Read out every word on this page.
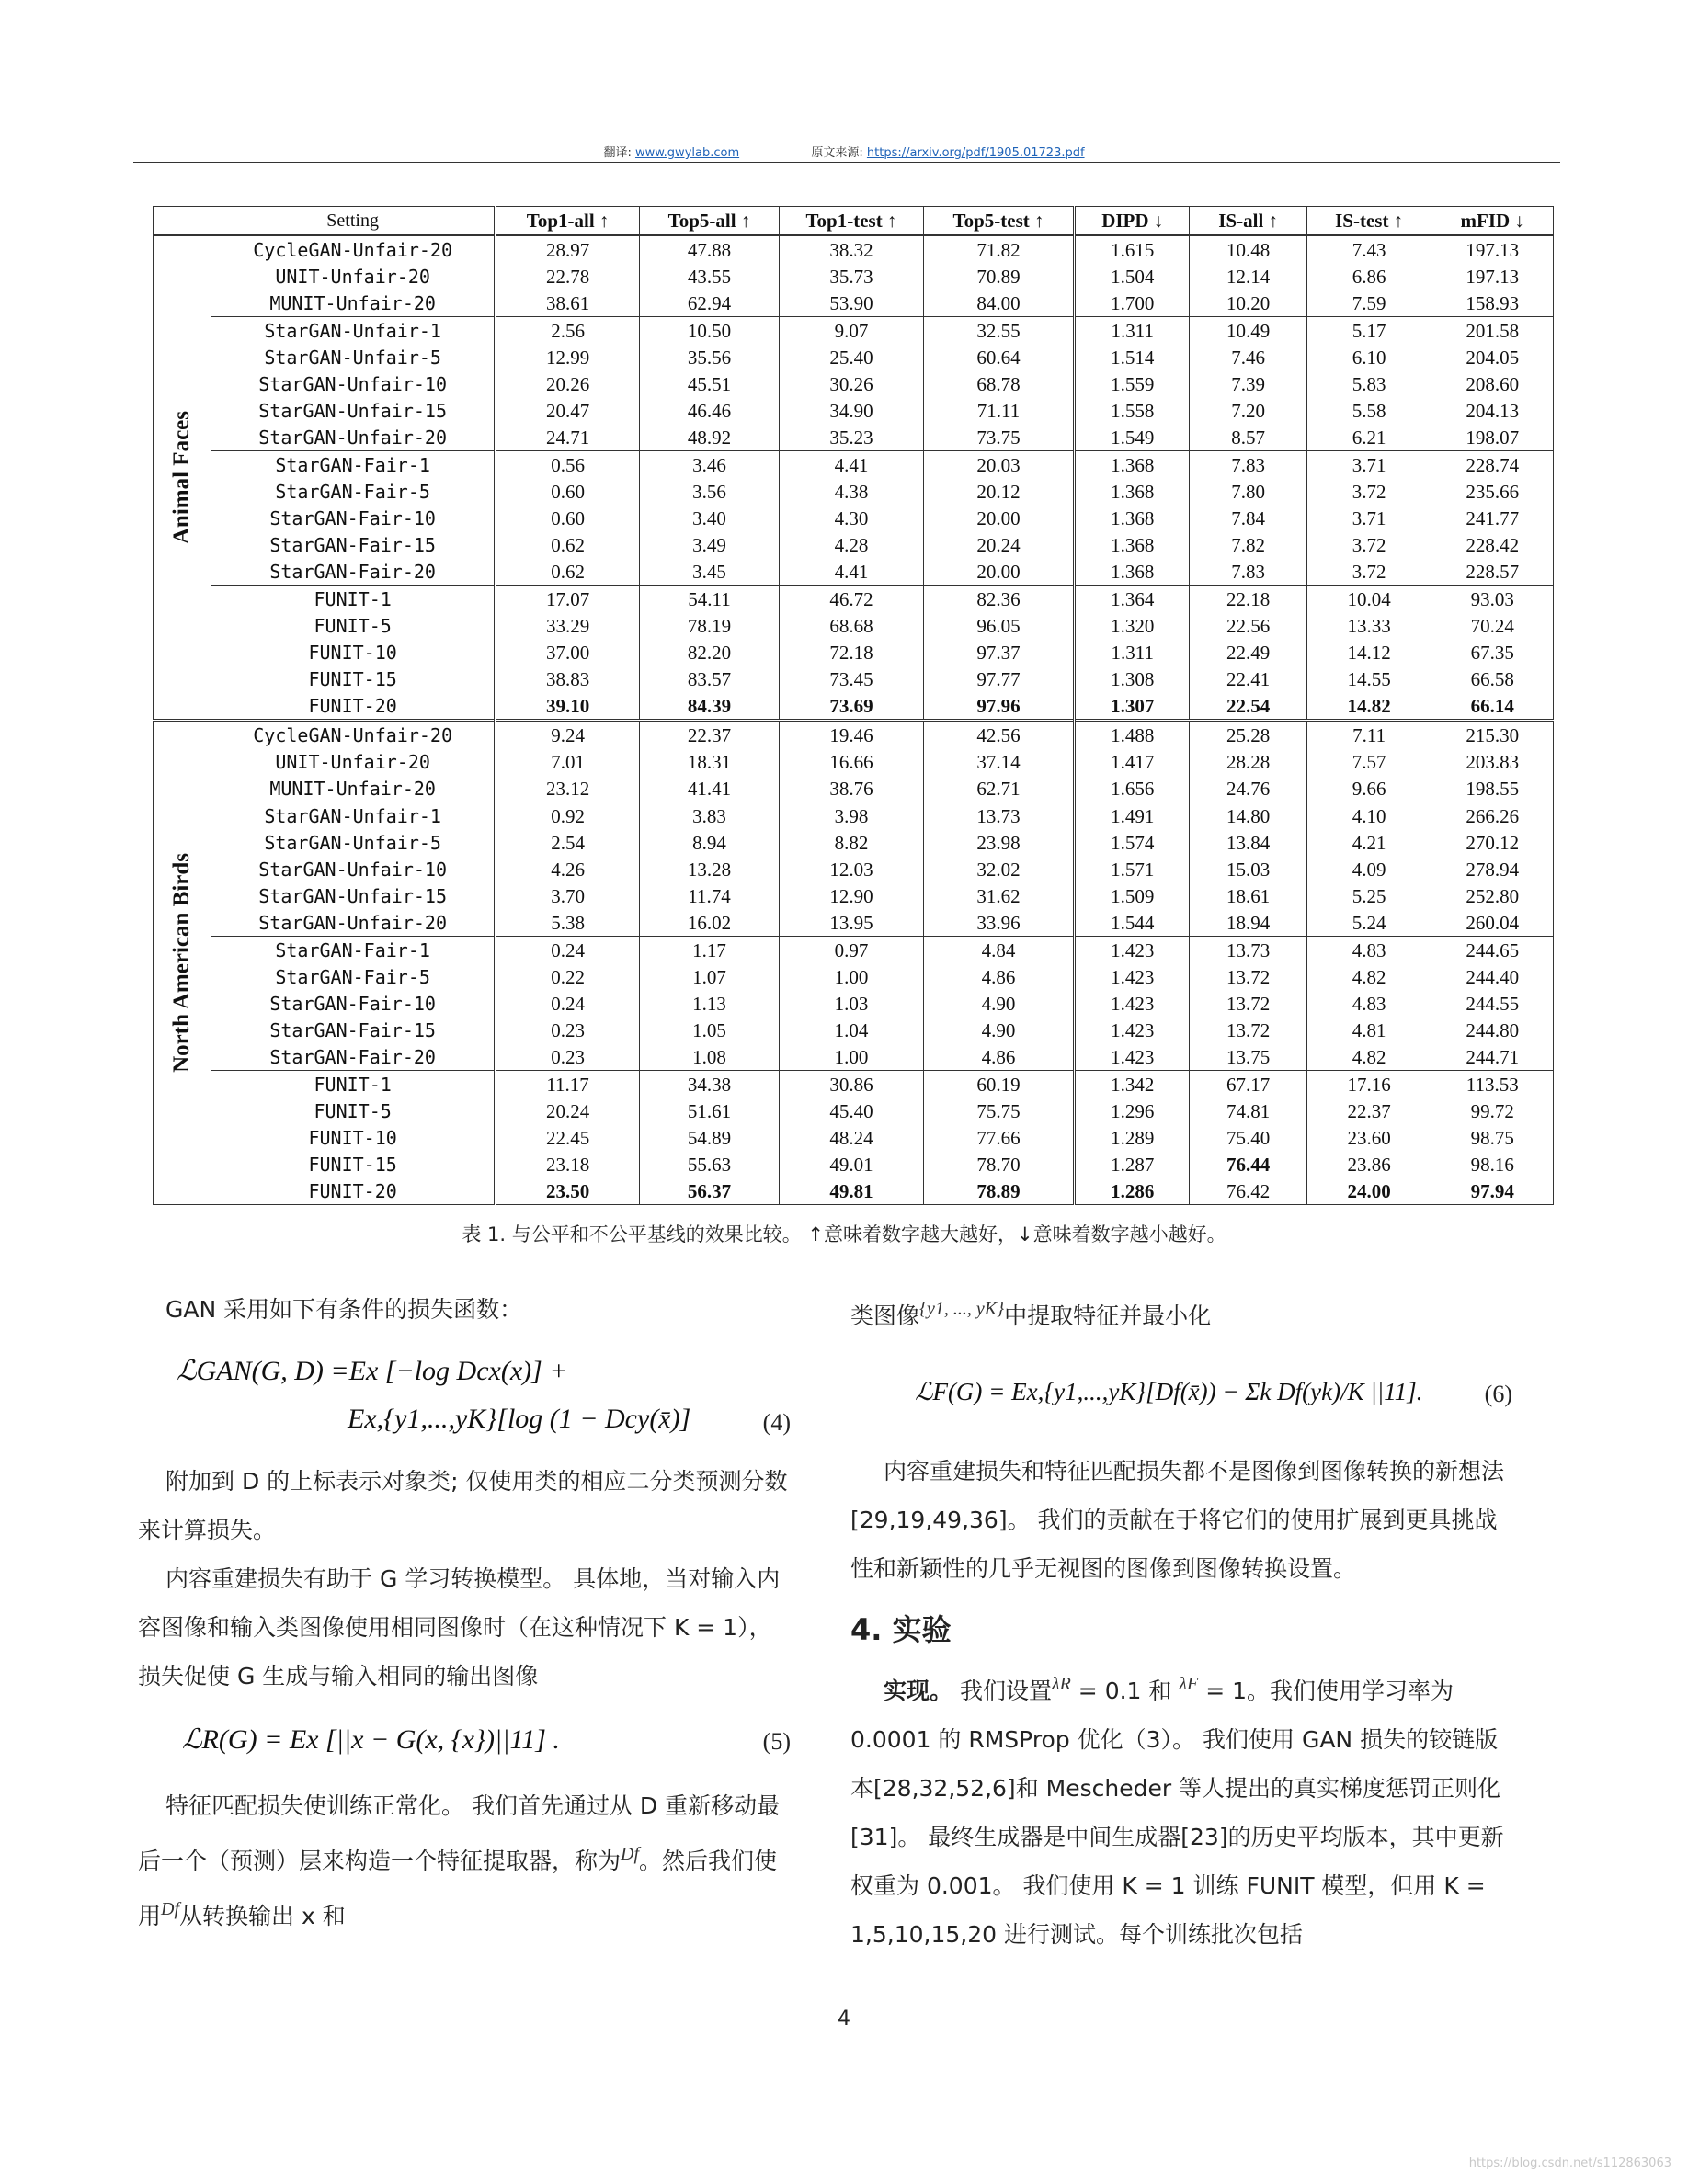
翻译: www.gwylab.com	原文来源: https://arxiv.org/pdf/1905.01723.pdf
	Setting	Top1-all ↑	Top5-all ↑	Top1-test ↑	Top5-test ↑	DIPD ↓	IS-all ↑	IS-test ↑	mFID ↓

Animal Faces	CycleGAN-Unfair-20	28.97	47.88	38.32	71.82	1.615	10.48	7.43	197.13
	UNIT-Unfair-20	22.78	43.55	35.73	70.89	1.504	12.14	6.86	197.13
	MUNIT-Unfair-20	38.61	62.94	53.90	84.00	1.700	10.20	7.59	158.93
	StarGAN-Unfair-1	2.56	10.50	9.07	32.55	1.311	10.49	5.17	201.58
	StarGAN-Unfair-5	12.99	35.56	25.40	60.64	1.514	7.46	6.10	204.05
	StarGAN-Unfair-10	20.26	45.51	30.26	68.78	1.559	7.39	5.83	208.60
	StarGAN-Unfair-15	20.47	46.46	34.90	71.11	1.558	7.20	5.58	204.13
	StarGAN-Unfair-20	24.71	48.92	35.23	73.75	1.549	8.57	6.21	198.07
	StarGAN-Fair-1	0.56	3.46	4.41	20.03	1.368	7.83	3.71	228.74
	StarGAN-Fair-5	0.60	3.56	4.38	20.12	1.368	7.80	3.72	235.66
	StarGAN-Fair-10	0.60	3.40	4.30	20.00	1.368	7.84	3.71	241.77
	StarGAN-Fair-15	0.62	3.49	4.28	20.24	1.368	7.82	3.72	228.42
	StarGAN-Fair-20	0.62	3.45	4.41	20.00	1.368	7.83	3.72	228.57
	FUNIT-1	17.07	54.11	46.72	82.36	1.364	22.18	10.04	93.03
	FUNIT-5	33.29	78.19	68.68	96.05	1.320	22.56	13.33	70.24
	FUNIT-10	37.00	82.20	72.18	97.37	1.311	22.49	14.12	67.35
	FUNIT-15	38.83	83.57	73.45	97.77	1.308	22.41	14.55	66.58
	FUNIT-20	39.10	84.39	73.69	97.96	1.307	22.54	14.82	66.14

North American Birds	CycleGAN-Unfair-20	9.24	22.37	19.46	42.56	1.488	25.28	7.11	215.30
	UNIT-Unfair-20	7.01	18.31	16.66	37.14	1.417	28.28	7.57	203.83
	MUNIT-Unfair-20	23.12	41.41	38.76	62.71	1.656	24.76	9.66	198.55
	StarGAN-Unfair-1	0.92	3.83	3.98	13.73	1.491	14.80	4.10	266.26
	StarGAN-Unfair-5	2.54	8.94	8.82	23.98	1.574	13.84	4.21	270.12
	StarGAN-Unfair-10	4.26	13.28	12.03	32.02	1.571	15.03	4.09	278.94
	StarGAN-Unfair-15	3.70	11.74	12.90	31.62	1.509	18.61	5.25	252.80
	StarGAN-Unfair-20	5.38	16.02	13.95	33.96	1.544	18.94	5.24	260.04
	StarGAN-Fair-1	0.24	1.17	0.97	4.84	1.423	13.73	4.83	244.65
	StarGAN-Fair-5	0.22	1.07	1.00	4.86	1.423	13.72	4.82	244.40
	StarGAN-Fair-10	0.24	1.13	1.03	4.90	1.423	13.72	4.83	244.55
	StarGAN-Fair-15	0.23	1.05	1.04	4.90	1.423	13.72	4.81	244.80
	StarGAN-Fair-20	0.23	1.08	1.00	4.86	1.423	13.75	4.82	244.71
	FUNIT-1	11.17	34.38	30.86	60.19	1.342	67.17	17.16	113.53
	FUNIT-5	20.24	51.61	45.40	75.75	1.296	74.81	22.37	99.72
	FUNIT-10	22.45	54.89	48.24	77.66	1.289	75.40	23.60	98.75
	FUNIT-15	23.18	55.63	49.01	78.70	1.287	76.44	23.86	98.16
	FUNIT-20	23.50	56.37	49.81	78.89	1.286	76.42	24.00	97.94
表 1. 与公平和不公平基线的效果比较。 ↑意味着数字越大越好，↓意味着数字越小越好。

GAN 采用如下有条件的损失函数：

ℒGAN(G, D) =Ex [−log Dcx(x)] +
Ex,{y1,...,yK}[log (1 − Dcy(x̄)]	(4)

附加到 D 的上标表示对象类; 仅使用类的相应二分类预测分数来计算损失。

内容重建损失有助于 G 学习转换模型。 具体地，当对输入内容图像和输入类图像使用相同图像时（在这种情况下 K = 1），损失促使 G 生成与输入相同的输出图像

ℒR(G) = Ex [||x − G(x, {x})||11] .	(5)

特征匹配损失使训练正常化。 我们首先通过从 D 重新移动最后一个（预测）层来构造一个特征提取器，称为$^{Df}$。然后我们使用$^{Df}$从转换输出 x 和

类图像$^{\{y1, ..., yK\}}$中提取特征并最小化

ℒF(G) = Ex,{y1,...,yK}[Df(x̄)) − Σk Df(yk)/K ||11].	(6)

内容重建损失和特征匹配损失都不是图像到图像转换的新想法[29,19,49,36]。 我们的贡献在于将它们的使用扩展到更具挑战性和新颖性的几乎无视图的图像到图像转换设置。

4. 实验

实现。 我们设置$^{\lambda R}$ = 0.1 和 $^{\lambda F}$ = 1。我们使用学习率为 0.0001 的 RMSProp 优化（3）。 我们使用 GAN 损失的铰链版本[28,32,52,6]和 Mescheder 等人提出的真实梯度惩罚正则化[31]。 最终生成器是中间生成器[23]的历史平均版本，其中更新权重为 0.001。 我们使用 K = 1 训练 FUNIT 模型，但用 K = 1,5,10,15,20 进行测试。每个训练批次包括

4
https://blog.csdn.net/s112863063
